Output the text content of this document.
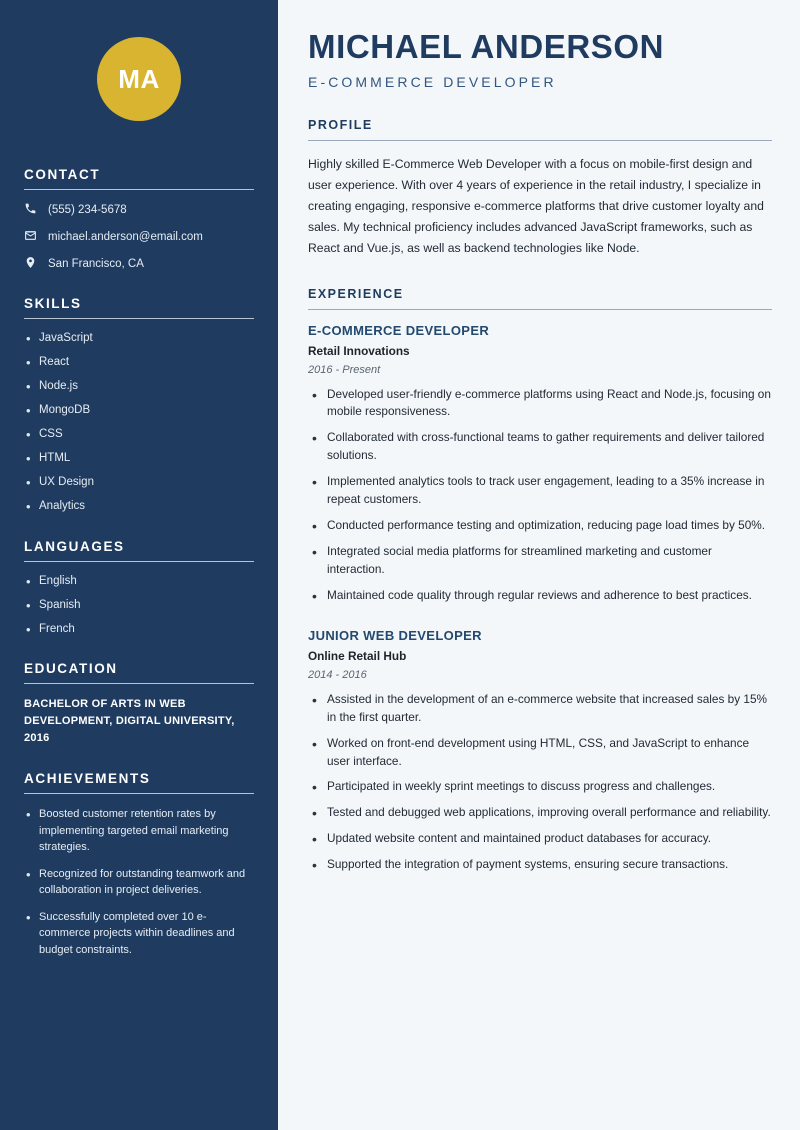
MA
CONTACT
(555) 234-5678
michael.anderson@email.com
San Francisco, CA
SKILLS
• JavaScript
• React
• Node.js
• MongoDB
• CSS
• HTML
• UX Design
• Analytics
LANGUAGES
• English
• Spanish
• French
EDUCATION
BACHELOR OF ARTS IN WEB DEVELOPMENT, DIGITAL UNIVERSITY, 2016
ACHIEVEMENTS
• Boosted customer retention rates by implementing targeted email marketing strategies.
• Recognized for outstanding teamwork and collaboration in project deliveries.
• Successfully completed over 10 e-commerce projects within deadlines and budget constraints.
MICHAEL ANDERSON
E-COMMERCE DEVELOPER
PROFILE

Highly skilled E-Commerce Web Developer with a focus on mobile-first design and user experience. With over 4 years of experience in the retail industry, I specialize in creating engaging, responsive e-commerce platforms that drive customer loyalty and sales. My technical proficiency includes advanced JavaScript frameworks, such as React and Vue.js, as well as backend technologies like Node.

EXPERIENCE
E-COMMERCE DEVELOPER
Retail Innovations
2016 - Present
• Developed user-friendly e-commerce platforms using React and Node.js, focusing on mobile responsiveness.
• Collaborated with cross-functional teams to gather requirements and deliver tailored solutions.
• Implemented analytics tools to track user engagement, leading to a 35% increase in repeat customers.
• Conducted performance testing and optimization, reducing page load times by 50%.
• Integrated social media platforms for streamlined marketing and customer interaction.
• Maintained code quality through regular reviews and adherence to best practices.
JUNIOR WEB DEVELOPER
Online Retail Hub
2014 - 2016
• Assisted in the development of an e-commerce website that increased sales by 15% in the first quarter.
• Worked on front-end development using HTML, CSS, and JavaScript to enhance user interface.
• Participated in weekly sprint meetings to discuss progress and challenges.
• Tested and debugged web applications, improving overall performance and reliability.
• Updated website content and maintained product databases for accuracy.
• Supported the integration of payment systems, ensuring secure transactions.
